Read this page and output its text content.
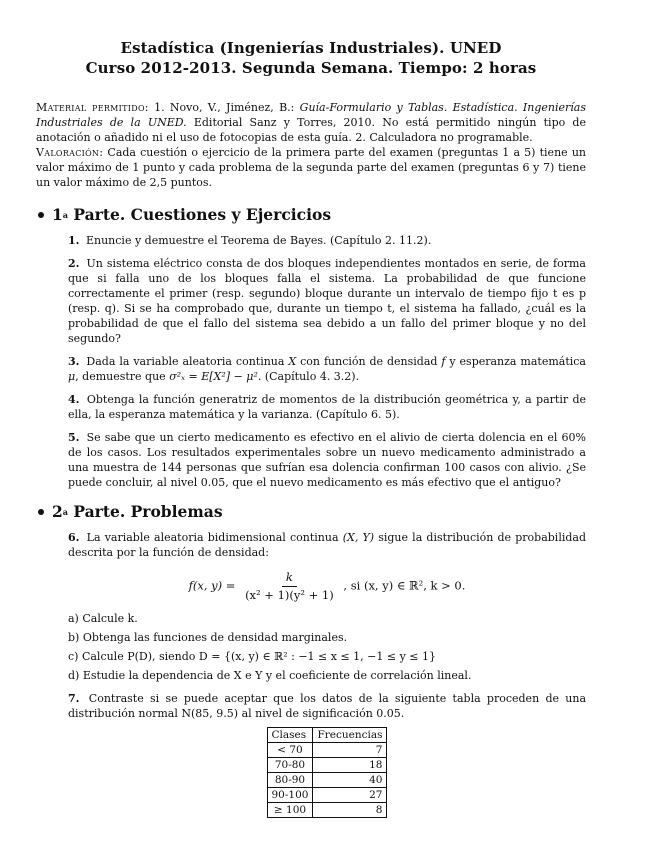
Estadística (Ingenierías Industriales). UNED
Curso 2012-2013. Segunda Semana. Tiempo: 2 horas
Material permitido: 1. Novo, V., Jiménez, B.: Guía-Formulario y Tablas. Estadística. Ingenierías Industriales de la UNED. Editorial Sanz y Torres, 2010. No está permitido ningún tipo de anotación o añadido ni el uso de fotocopias de esta guía. 2. Calculadora no programable.
Valoración: Cada cuestión o ejercicio de la primera parte del examen (preguntas 1 a 5) tiene un valor máximo de 1 punto y cada problema de la segunda parte del examen (preguntas 6 y 7) tiene un valor máximo de 2,5 puntos.
1 a Parte. Cuestiones y Ejercicios
1. Enuncie y demuestre el Teorema de Bayes. (Capítulo 2. 11.2).
2. Un sistema eléctrico consta de dos bloques independientes montados en serie, de forma que si falla uno de los bloques falla el sistema. La probabilidad de que funcione correctamente el primer (resp. segundo) bloque durante un intervalo de tiempo fijo t es p (resp. q). Si se ha comprobado que, durante un tiempo t, el sistema ha fallado, ¿cuál es la probabilidad de que el fallo del sistema sea debido a un fallo del primer bloque y no del segundo?
3. Dada la variable aleatoria continua X con función de densidad f y esperanza matemática μ, demuestre que σ²ₓ = E[X²] − μ². (Capítulo 4. 3.2).
4. Obtenga la función generatriz de momentos de la distribución geométrica y, a partir de ella, la esperanza matemática y la varianza. (Capítulo 6. 5).
5. Se sabe que un cierto medicamento es efectivo en el alivio de cierta dolencia en el 60% de los casos. Los resultados experimentales sobre un nuevo medicamento administrado a una muestra de 144 personas que sufrían esa dolencia confirman 100 casos con alivio. ¿Se puede concluir, al nivel 0.05, que el nuevo medicamento es más efectivo que el antiguo?
2 a Parte. Problemas
6. La variable aleatoria bidimensional continua (X, Y) sigue la distribución de probabilidad descrita por la función de densidad:
f(x, $y) = \frac{k}{\text{(x² + 1)(y² + 1)}}$ , si (x, y) ∈ ℝ², k > 0.
a) Calcule k.
b) Obtenga las funciones de densidad marginales.
c) Calcule P(D), siendo D = {(x, y) ∈ ℝ² : −1 ≤ x ≤ 1, −1 ≤ y ≤ 1}
d) Estudie la dependencia de X e Y y el coeficiente de correlación lineal.
7. Contraste si se puede aceptar que los datos de la siguiente tabla proceden de una distribución normal N(85, 9.5) al nivel de significación 0.05.
Clases	Frecuencias
< 70	7
70-80	18
80-90	40
90-100	27
≥ 100	8
